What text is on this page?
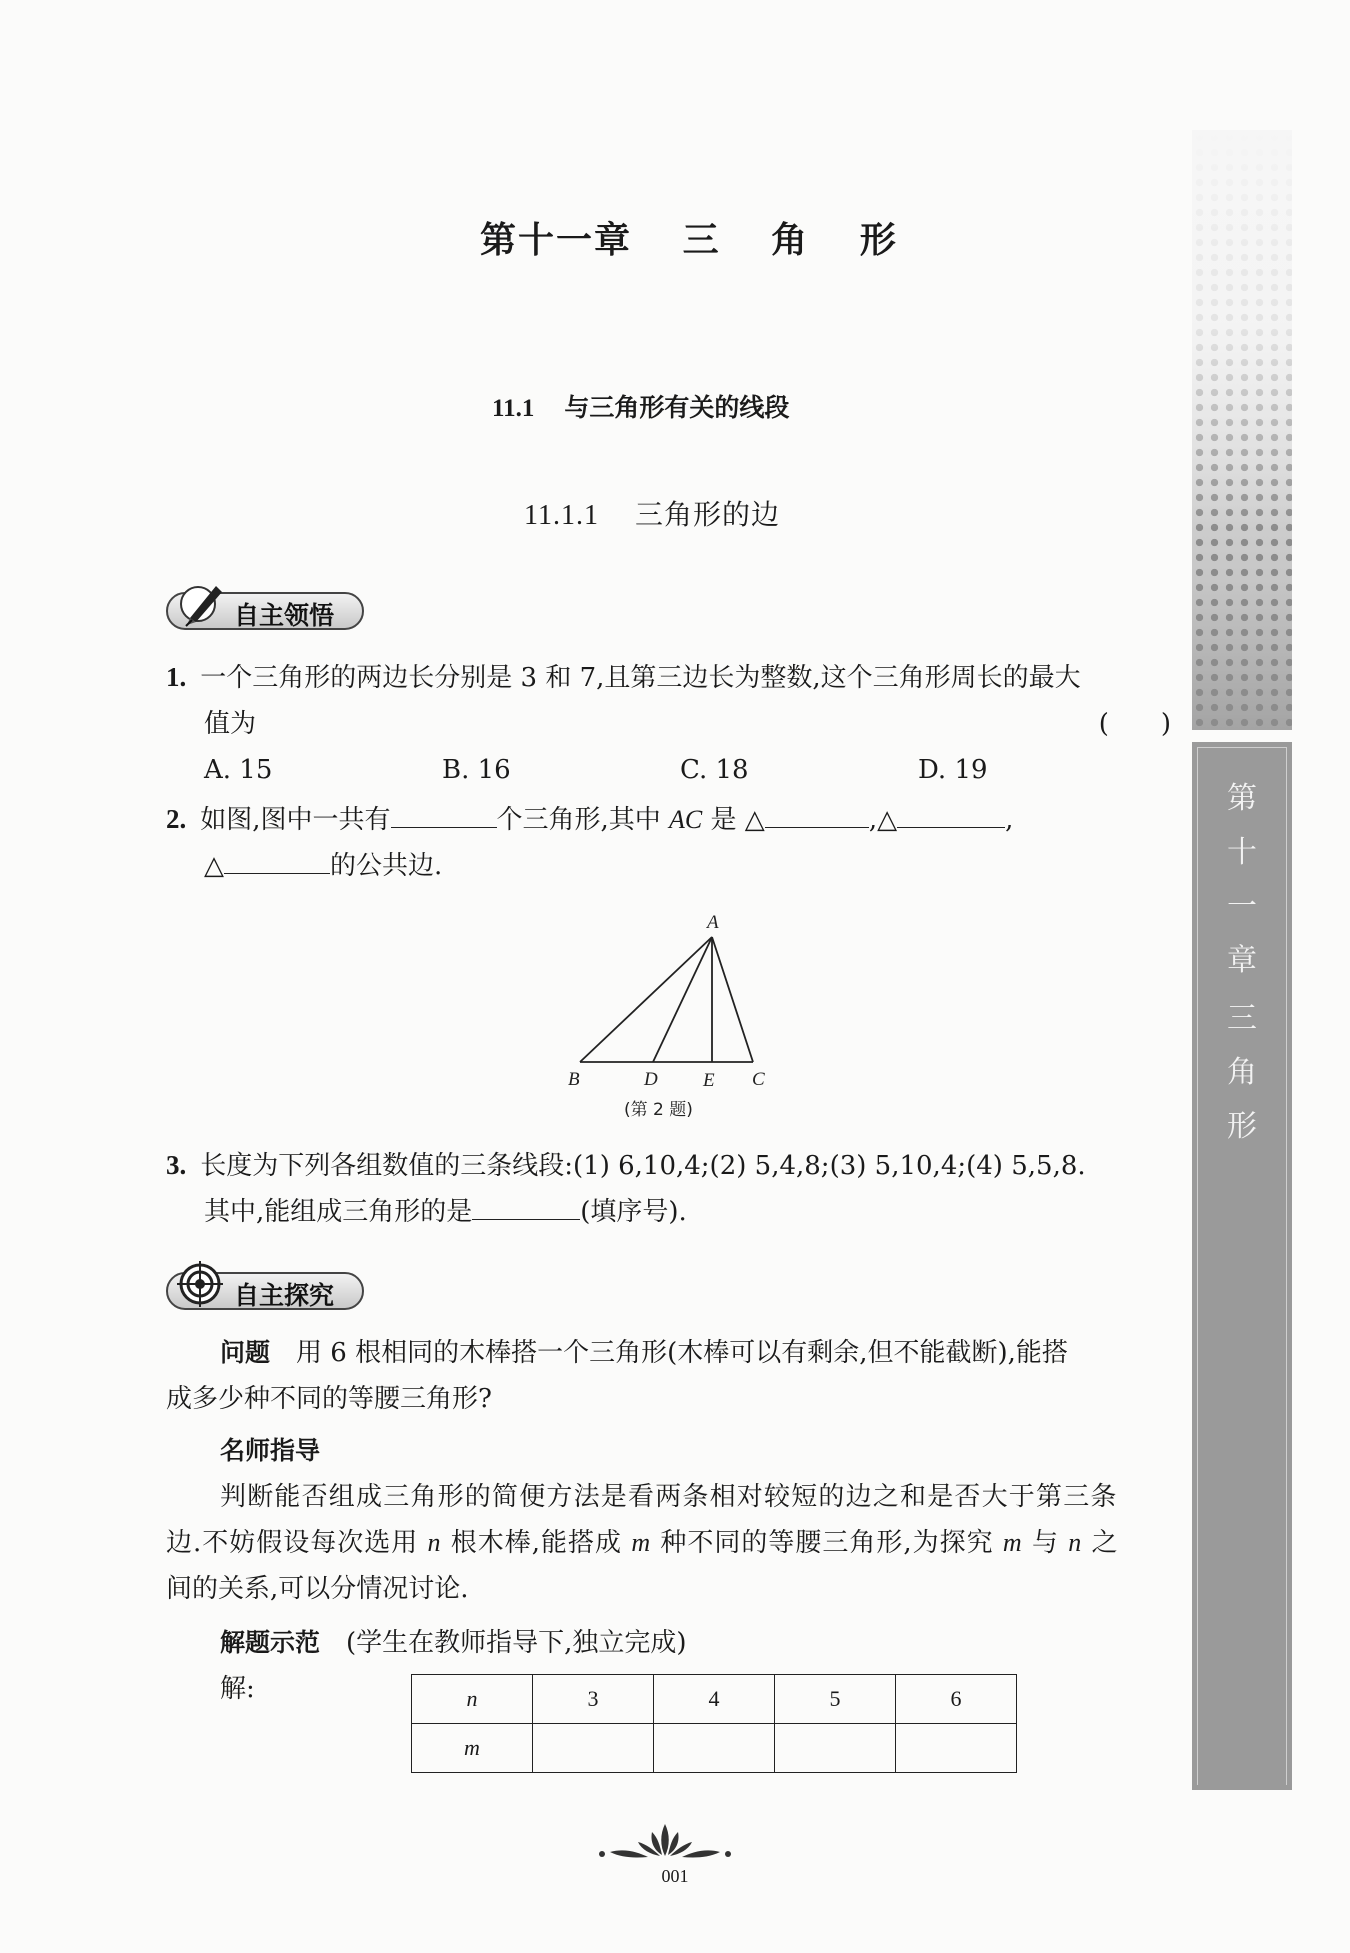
第
十
一
章
三
角
形
第十一章 三 角 形
11.1 与三角形有关的线段
11.1.1 三角形的边
自主领悟
1. 一个三角形的两边长分别是 3 和 7,且第三边长为整数,这个三角形周长的最大
值为	(　　)
A. 15	B. 16	C. 18	D. 19
2. 如图,图中一共有	个三角形,其中 AC 是 △	,△	,
△	的公共边.
A
B	D E C
(第 2 题)
3. 长度为下列各组数值的三条线段:(1) 6,10,4;(2) 5,4,8;(3) 5,10,4;(4) 5,5,8.
其中,能组成三角形的是	(填序号).
自主探究
问题 用 6 根相同的木棒搭一个三角形(木棒可以有剩余,但不能截断),能搭
成多少种不同的等腰三角形?
名师指导
判断能否组成三角形的简便方法是看两条相对较短的边之和是否大于第三条
边.不妨假设每次选用 n 根木棒,能搭成 m 种不同的等腰三角形,为探究 m 与 n 之
间的关系,可以分情况讨论.
解题示范 (学生在教师指导下,独立完成)
解:	n	3	4	5	6
m				
001
